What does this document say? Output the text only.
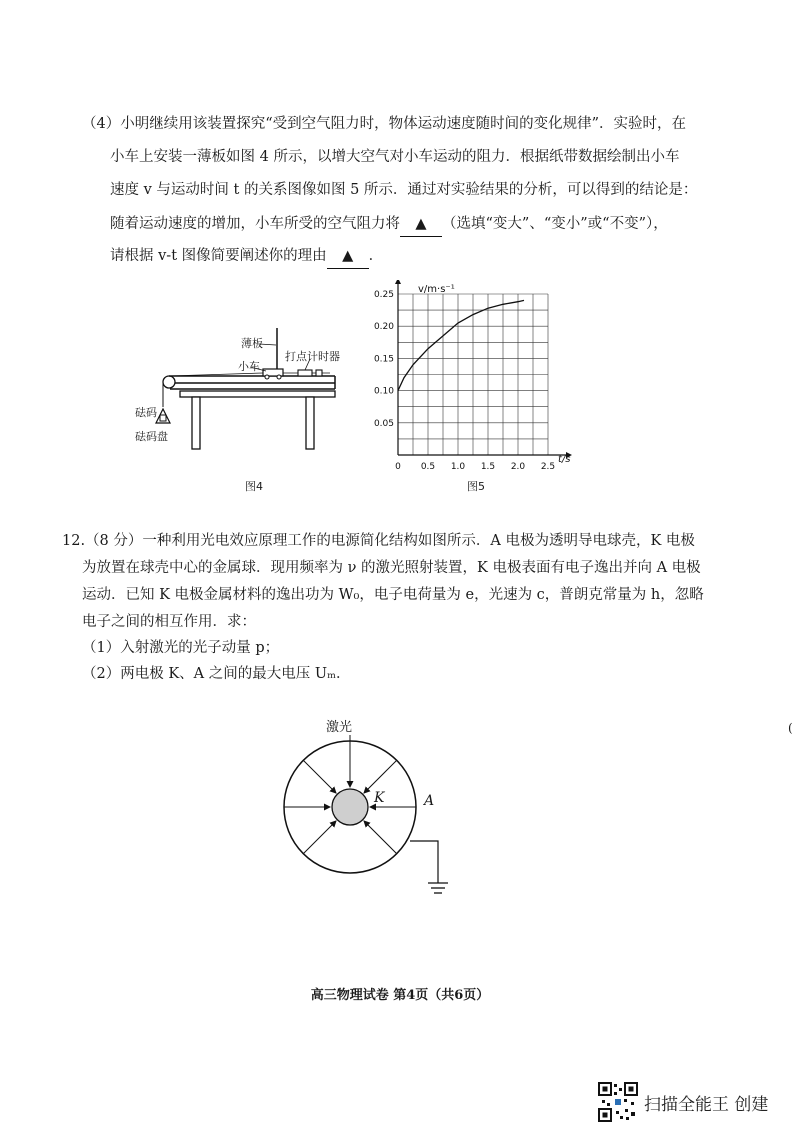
（4）小明继续用该装置探究“受到空气阻力时，物体运动速度随时间的变化规律”．实验时，在
小车上安装一薄板如图 4 所示，以增大空气对小车运动的阻力．根据纸带数据绘制出小车
速度 v 与运动时间 t 的关系图像如图 5 所示．通过对实验结果的分析，可以得到的结论是：
随着运动速度的增加，小车所受的空气阻力将 ▲ （选填“变大”、“变小”或“不变”），
请根据 v-t 图像简要阐述你的理由 ▲ ．
薄板
小车
打点计时器
砝码
砝码盘
图4
0 0.5 1.0 1.5 2.0 2.5
0.05
0.10
0.15
0.20
0.25 v/m·s⁻¹
t/s
图5
12.（8 分）一种利用光电效应原理工作的电源简化结构如图所示．A 电极为透明导电球壳，K 电极
为放置在球壳中心的金属球．现用频率为 ν 的激光照射装置，K 电极表面有电子逸出并向 A 电极
运动．已知 K 电极金属材料的逸出功为 W₀，电子电荷量为 e，光速为 c，普朗克常量为 h，忽略
电子之间的相互作用．求：
（1）入射激光的光子动量 p；
（2）两电极 K、A 之间的最大电压 Uₘ．
(
激光
K	A
高三物理试卷 第4页（共6页）
扫描全能王 创建
